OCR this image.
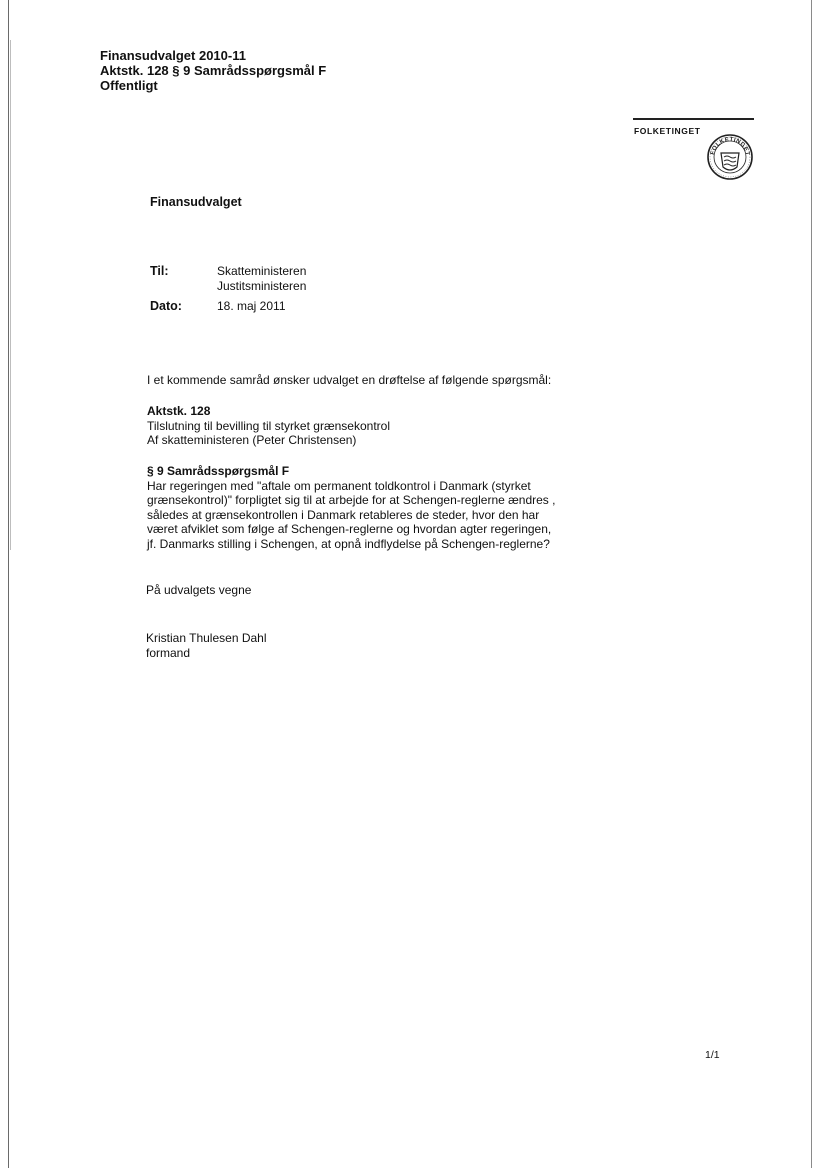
Finansudvalget 2010-11
Aktstk. 128 § 9 Samrådsspørgsmål F
Offentligt
FOLKETINGET
FOLKETINGET
Finansudvalget
Til:	Skatteministeren
Justitsministeren
Dato:	18. maj 2011
I et kommende samråd ønsker udvalget en drøftelse af følgende spørgsmål:
Aktstk. 128
Tilslutning til bevilling til styrket grænsekontrol
Af skatteministeren (Peter Christensen)
§ 9 Samrådsspørgsmål F
Har regeringen med "aftale om permanent toldkontrol i Danmark (styrket
grænsekontrol)" forpligtet sig til at arbejde for at Schengen-reglerne ændres ,
således at grænsekontrollen i Danmark retableres de steder, hvor den har
været afviklet som følge af Schengen-reglerne og hvordan agter regeringen,
jf. Danmarks stilling i Schengen, at opnå indflydelse på Schengen-reglerne?
På udvalgets vegne
Kristian Thulesen Dahl
formand
1/1
